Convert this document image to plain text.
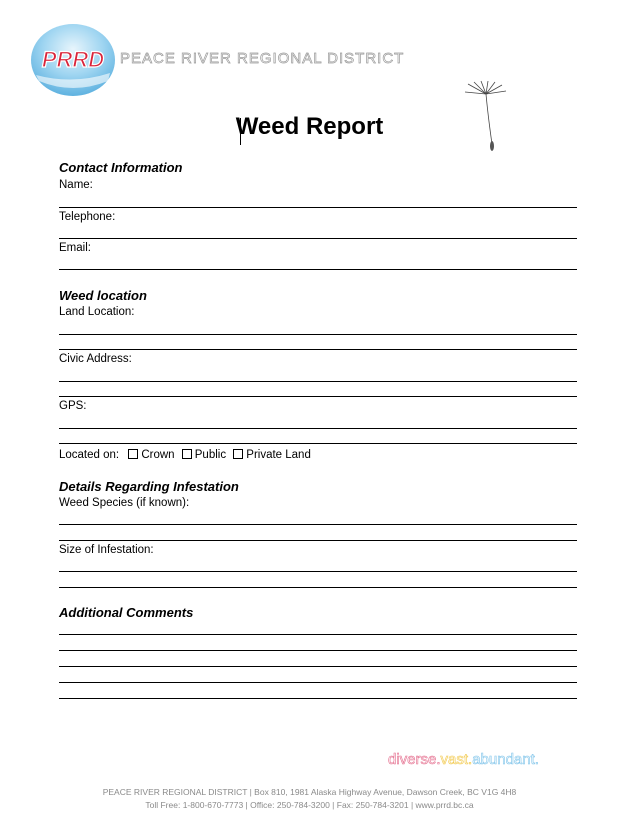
PRRD PEACE RIVER REGIONAL DISTRICT
Weed Report
Contact Information
Name:
Telephone:
Email:
Weed location
Land Location:
Civic Address:
GPS:
Located on: Crown Public Private Land
Details Regarding Infestation
Weed Species (if known):
Size of Infestation:
Additional Comments
diverse.vast.abundant.
PEACE RIVER REGIONAL DISTRICT | Box 810, 1981 Alaska Highway Avenue, Dawson Creek, BC V1G 4H8
Toll Free: 1-800-670-7773 | Office: 250-784-3200 | Fax: 250-784-3201 | www.prrd.bc.ca
